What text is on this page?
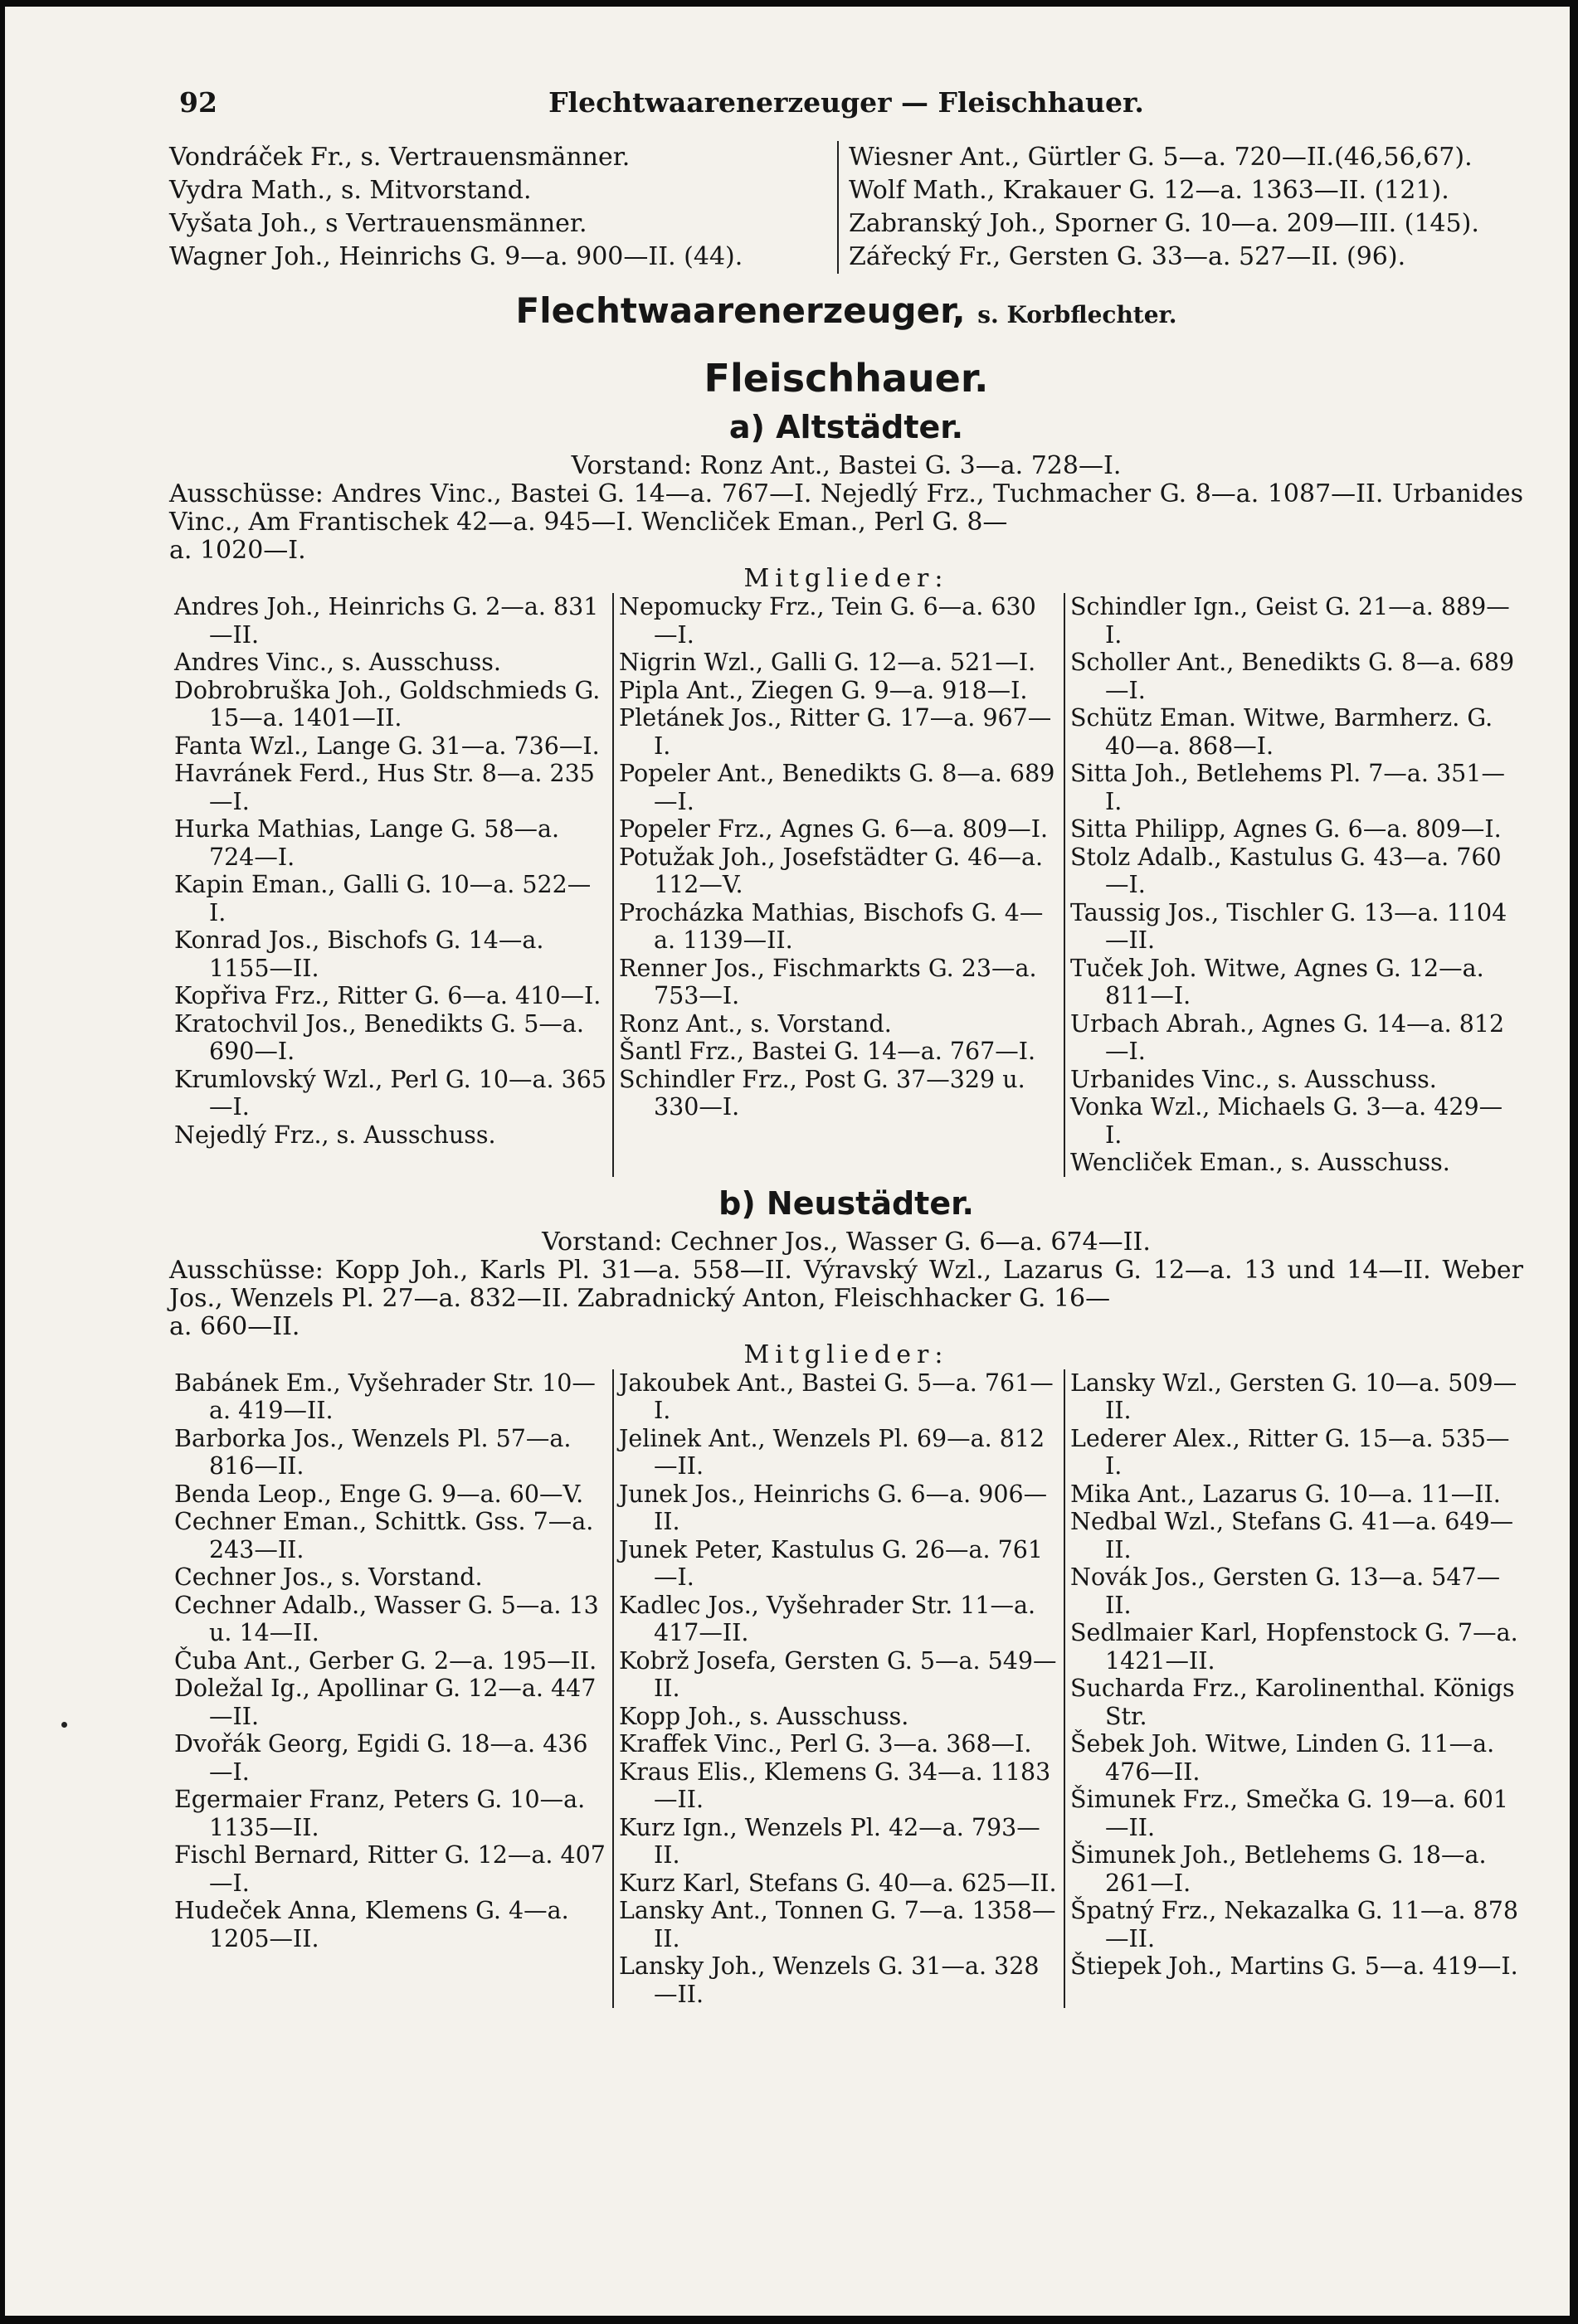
92	Flechtwaarenerzeuger — Fleischhauer.
Vondráček Fr., s. Vertrauensmänner.
Vydra Math., s. Mitvorstand.
Vyšata Joh., s Vertrauensmänner.
Wagner Joh., Heinrichs G. 9—a. 900—II. (44).
Wiesner Ant., Gürtler G. 5—a. 720—II.(46,56,67).
Wolf Math., Krakauer G. 12—a. 1363—II. (121).
Zabranský Joh., Sporner G. 10—a. 209—III. (145).
Zářecký Fr., Gersten G. 33—a. 527—II. (96).
Flechtwaarenerzeuger, s. Korbflechter.
Fleischhauer.
a) Altstädter.
Vorstand: Ronz Ant., Bastei G. 3—a. 728—I.
Ausschüsse: Andres Vinc., Bastei G. 14—a. 767—I. Nejedlý Frz., Tuchmacher G. 8—a. 1087—II. Urbanides Vinc., Am Frantischek 42—a. 945—I. Wencliček Eman., Perl G. 8—
a. 1020—I.
Mitglieder:
Andres Joh., Heinrichs G. 2—a. 831—II.
Andres Vinc., s. Ausschuss.
Dobrobruška Joh., Goldschmieds G. 15—a. 1401—II.
Fanta Wzl., Lange G. 31—a. 736—I.
Havránek Ferd., Hus Str. 8—a. 235—I.
Hurka Mathias, Lange G. 58—a. 724—I.
Kapin Eman., Galli G. 10—a. 522—I.
Konrad Jos., Bischofs G. 14—a. 1155—II.
Kopřiva Frz., Ritter G. 6—a. 410—I.
Kratochvil Jos., Benedikts G. 5—a. 690—I.
Krumlovský Wzl., Perl G. 10—a. 365—I.
Nejedlý Frz., s. Ausschuss.
Nepomucky Frz., Tein G. 6—a. 630—I.
Nigrin Wzl., Galli G. 12—a. 521—I.
Pipla Ant., Ziegen G. 9—a. 918—I.
Pletánek Jos., Ritter G. 17—a. 967—I.
Popeler Ant., Benedikts G. 8—a. 689—I.
Popeler Frz., Agnes G. 6—a. 809—I.
Potužak Joh., Josefstädter G. 46—a. 112—V.
Procházka Mathias, Bischofs G. 4—a. 1139—II.
Renner Jos., Fischmarkts G. 23—a. 753—I.
Ronz Ant., s. Vorstand.
Šantl Frz., Bastei G. 14—a. 767—I.
Schindler Frz., Post G. 37—329 u. 330—I.
Schindler Ign., Geist G. 21—a. 889—I.
Scholler Ant., Benedikts G. 8—a. 689—I.
Schütz Eman. Witwe, Barmherz. G. 40—a. 868—I.
Sitta Joh., Betlehems Pl. 7—a. 351—I.
Sitta Philipp, Agnes G. 6—a. 809—I.
Stolz Adalb., Kastulus G. 43—a. 760—I.
Taussig Jos., Tischler G. 13—a. 1104—II.
Tuček Joh. Witwe, Agnes G. 12—a. 811—I.
Urbach Abrah., Agnes G. 14—a. 812—I.
Urbanides Vinc., s. Ausschuss.
Vonka Wzl., Michaels G. 3—a. 429—I.
Wencliček Eman., s. Ausschuss.
b) Neustädter.
Vorstand: Cechner Jos., Wasser G. 6—a. 674—II.
Ausschüsse: Kopp Joh., Karls Pl. 31—a. 558—II. Výravský Wzl., Lazarus G. 12—a. 13 und 14—II. Weber Jos., Wenzels Pl. 27—a. 832—II. Zabradnický Anton, Fleischhacker G. 16—
a. 660—II.
Mitglieder:
Babánek Em., Vyšehrader Str. 10—a. 419—II.
Barborka Jos., Wenzels Pl. 57—a. 816—II.
Benda Leop., Enge G. 9—a. 60—V.
Cechner Eman., Schittk. Gss. 7—a. 243—II.
Cechner Jos., s. Vorstand.
Cechner Adalb., Wasser G. 5—a. 13 u. 14—II.
Čuba Ant., Gerber G. 2—a. 195—II.
Doležal Ig., Apollinar G. 12—a. 447—II.
Dvořák Georg, Egidi G. 18—a. 436—I.
Egermaier Franz, Peters G. 10—a. 1135—II.
Fischl Bernard, Ritter G. 12—a. 407—I.
Hudeček Anna, Klemens G. 4—a. 1205—II.
Jakoubek Ant., Bastei G. 5—a. 761—I.
Jelinek Ant., Wenzels Pl. 69—a. 812—II.
Junek Jos., Heinrichs G. 6—a. 906—II.
Junek Peter, Kastulus G. 26—a. 761—I.
Kadlec Jos., Vyšehrader Str. 11—a. 417—II.
Kobrž Josefa, Gersten G. 5—a. 549—II.
Kopp Joh., s. Ausschuss.
Kraffek Vinc., Perl G. 3—a. 368—I.
Kraus Elis., Klemens G. 34—a. 1183—II.
Kurz Ign., Wenzels Pl. 42—a. 793—II.
Kurz Karl, Stefans G. 40—a. 625—II.
Lansky Ant., Tonnen G. 7—a. 1358—II.
Lansky Joh., Wenzels G. 31—a. 328—II.
Lansky Wzl., Gersten G. 10—a. 509—II.
Lederer Alex., Ritter G. 15—a. 535—I.
Mika Ant., Lazarus G. 10—a. 11—II.
Nedbal Wzl., Stefans G. 41—a. 649—II.
Novák Jos., Gersten G. 13—a. 547—II.
Sedlmaier Karl, Hopfenstock G. 7—a. 1421—II.
Sucharda Frz., Karolinenthal. Königs Str.
Šebek Joh. Witwe, Linden G. 11—a. 476—II.
Šimunek Frz., Smečka G. 19—a. 601—II.
Šimunek Joh., Betlehems G. 18—a. 261—I.
Špatný Frz., Nekazalka G. 11—a. 878—II.
Štiepek Joh., Martins G. 5—a. 419—I.
